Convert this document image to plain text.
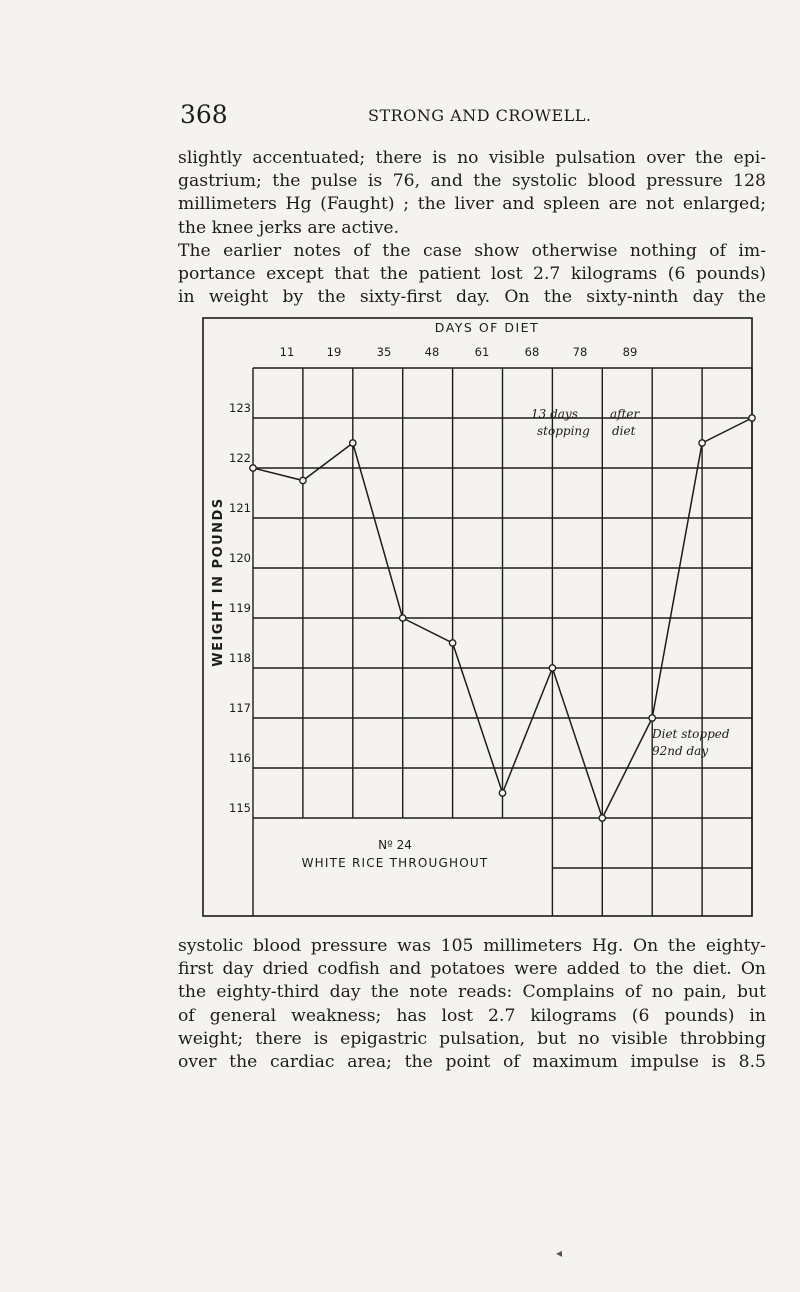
368	STRONG AND CROWELL.
slightly accentuated; there is no visible pulsation over the epi-
gastrium; the pulse is 76, and the systolic blood pressure 128
millimeters Hg (Faught) ; the liver and spleen are not enlarged;
the knee jerks are active.
The earlier notes of the case show otherwise nothing of im-
portance except that the patient lost 2.7 kilograms (6 pounds)
in weight by the sixty-first day. On the sixty-ninth day the
DAYS OF DIET
WEIGHT IN POUNDS
Nº 24
WHITE RICE THROUGHOUT
13 days
stopping
after
diet
Diet stopped
92nd day
11	19	35	48	61	68	78	89
123
122
121
120
119
118
117
116
115
systolic blood pressure was 105 millimeters Hg. On the eighty-
first day dried codfish and potatoes were added to the diet. On
the eighty-third day the note reads: Complains of no pain, but
of general weakness; has lost 2.7 kilograms (6 pounds) in
weight; there is epigastric pulsation, but no visible throbbing
over the cardiac area; the point of maximum impulse is 8.5
◂
